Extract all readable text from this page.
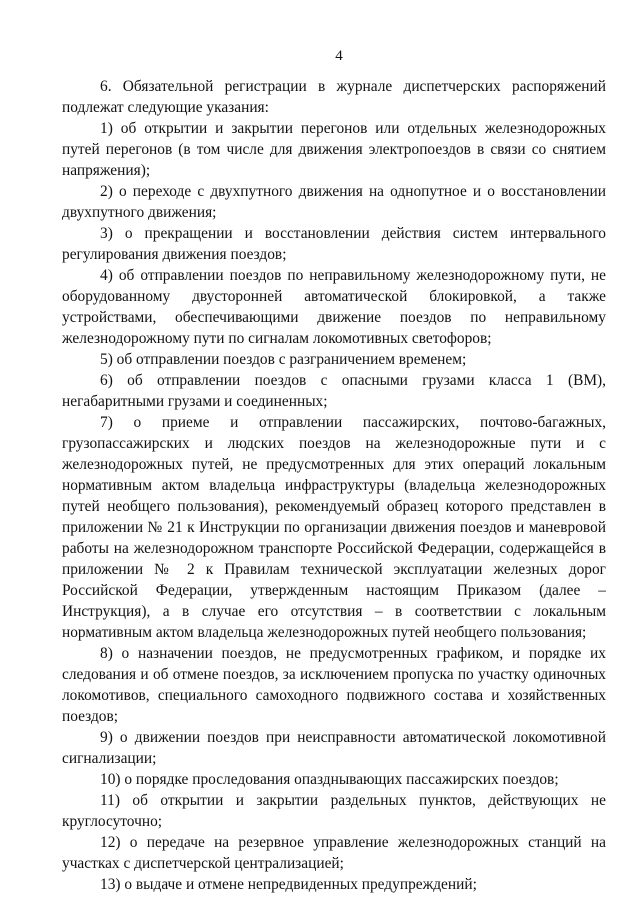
4

6. Обязательной регистрации в журнале диспетчерских распоряжений подлежат следующие указания:

1) об открытии и закрытии перегонов или отдельных железнодорожных путей перегонов (в том числе для движения электропоездов в связи со снятием напряжения);

2) о переходе с двухпутного движения на однопутное и о восстановлении двухпутного движения;

3) о прекращении и восстановлении действия систем интервального регулирования движения поездов;

4) об отправлении поездов по неправильному железнодорожному пути, не оборудованному двусторонней автоматической блокировкой, а также устройствами, обеспечивающими движение поездов по неправильному железнодорожному пути по сигналам локомотивных светофоров;

5) об отправлении поездов с разграничением временем;

6) об отправлении поездов с опасными грузами класса 1 (ВМ), негабаритными грузами и соединенных;

7) о приеме и отправлении пассажирских, почтово-багажных, грузопассажирских и людских поездов на железнодорожные пути и с железнодорожных путей, не предусмотренных для этих операций локальным нормативным актом владельца инфраструктуры (владельца железнодорожных путей необщего пользования), рекомендуемый образец которого представлен в приложении № 21 к Инструкции по организации движения поездов и маневровой работы на железнодорожном транспорте Российской Федерации, содержащейся в приложении № 2 к Правилам технической эксплуатации железных дорог Российской Федерации, утвержденным настоящим Приказом (далее – Инструкция), а в случае его отсутствия – в соответствии с локальным нормативным актом владельца железнодорожных путей необщего пользования;

8) о назначении поездов, не предусмотренных графиком, и порядке их следования и об отмене поездов, за исключением пропуска по участку одиночных локомотивов, специального самоходного подвижного состава и хозяйственных поездов;

9) о движении поездов при неисправности автоматической локомотивной сигнализации;

10) о порядке проследования опазднывающих пассажирских поездов;

11) об открытии и закрытии раздельных пунктов, действующих не круглосуточно;

12) о передаче на резервное управление железнодорожных станций на участках с диспетчерской централизацией;

13) о выдаче и отмене непредвиденных предупреждений;
